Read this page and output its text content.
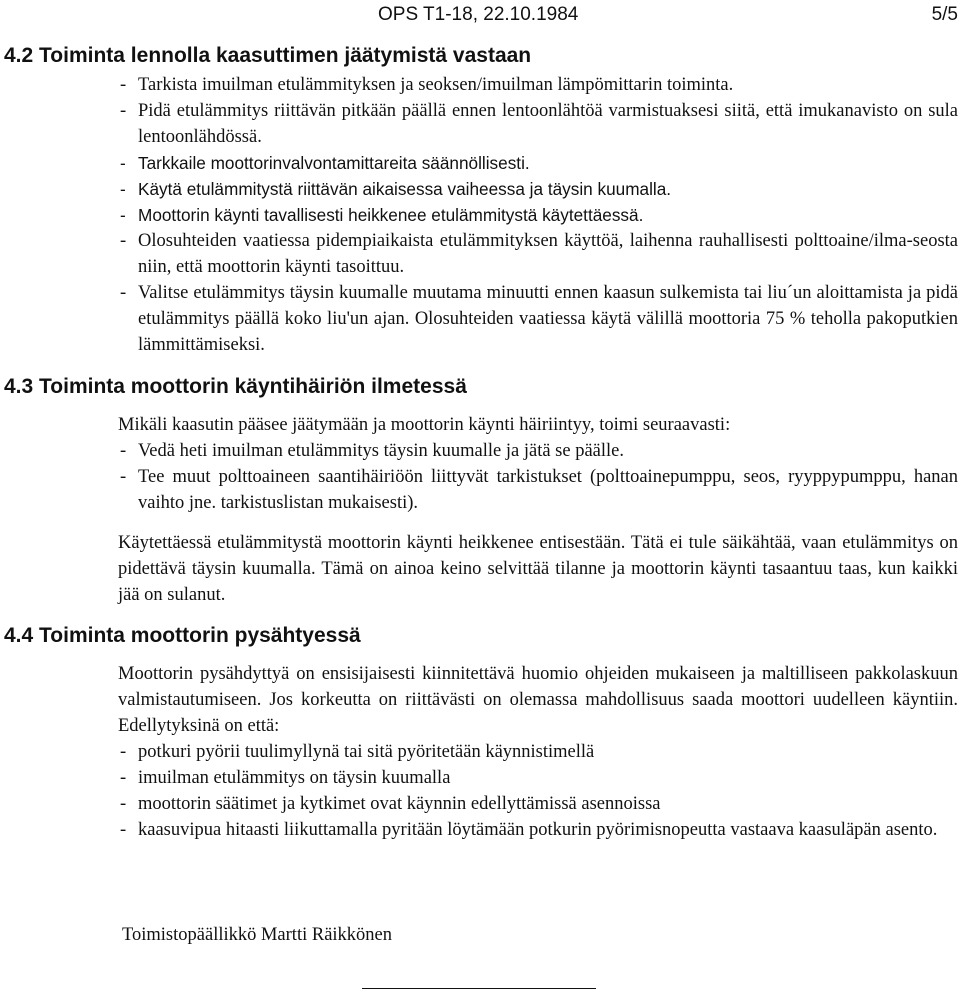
OPS T1-18, 22.10.1984	5/5
4.2 Toiminta lennolla kaasuttimen jäätymistä vastaan
- Tarkista imuilman etulämmityksen ja seoksen/imuilman lämpömittarin toiminta.
- Pidä etulämmitys riittävän pitkään päällä ennen lentoonlähtöä varmistuaksesi siitä, että imukanavisto on sula lentoonlähdössä.
- Tarkkaile moottorinvalvontamittareita säännöllisesti.
- Käytä etulämmitystä riittävän aikaisessa vaiheessa ja täysin kuumalla.
- Moottorin käynti tavallisesti heikkenee etulämmitystä käytettäessä.
- Olosuhteiden vaatiessa pidempiaikaista etulämmityksen käyttöä, laihenna rauhallisesti polttoaine/ilma-seosta niin, että moottorin käynti tasoittuu.
- Valitse etulämmitys täysin kuumalle muutama minuutti ennen kaasun sulkemista tai liu´un aloittamista ja pidä etulämmitys päällä koko liu'un ajan. Olosuhteiden vaatiessa käytä välillä moottoria 75 % teholla pakoputkien lämmittämiseksi.
4.3 Toiminta moottorin käyntihäiriön ilmetessä

Mikäli kaasutin pääsee jäätymään ja moottorin käynti häiriintyy, toimi seuraavasti:

- Vedä heti imuilman etulämmitys täysin kuumalle ja jätä se päälle.
- Tee muut polttoaineen saantihäiriöön liittyvät tarkistukset (polttoainepumppu, seos, ryyppypumppu, hanan vaihto jne. tarkistuslistan mukaisesti).

Käytettäessä etulämmitystä moottorin käynti heikkenee entisestään. Tätä ei tule säikähtää, vaan etulämmitys on pidettävä täysin kuumalla. Tämä on ainoa keino selvittää tilanne ja moottorin käynti tasaantuu taas, kun kaikki jää on sulanut.

4.4 Toiminta moottorin pysähtyessä

Moottorin pysähdyttyä on ensisijaisesti kiinnitettävä huomio ohjeiden mukaiseen ja maltilliseen pakkolaskuun valmistautumiseen. Jos korkeutta on riittävästi on olemassa mahdollisuus saada moottori uudelleen käyntiin. Edellytyksinä on että:

- potkuri pyörii tuulimyllynä tai sitä pyöritetään käynnistimellä
- imuilman etulämmitys on täysin kuumalla
- moottorin säätimet ja kytkimet ovat käynnin edellyttämissä asennoissa
- kaasuvipua hitaasti liikuttamalla pyritään löytämään potkurin pyörimisnopeutta vastaava kaasuläpän asento.
Toimistopäällikkö Martti Räikkönen
